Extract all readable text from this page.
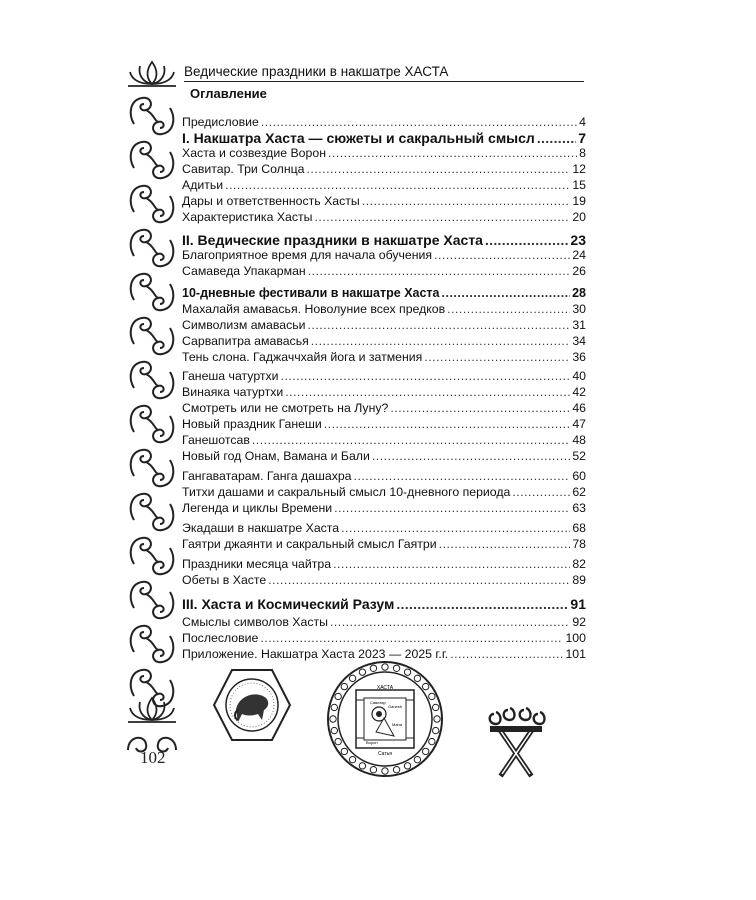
102
Ведические праздники в накшатре ХАСТА
Оглавление
Предисловие .....	4
I. Накшатра Хаста — сюжеты и сакральный смысл .....	7
Хаста и созвездие Ворон .....	8
Савитар. Три Солнца .....	12
Адитьи .....	15
Дары и ответственность Хасты .....	19
Характеристика Хасты .....	20
II. Ведические праздники в накшатре Хаста .....	23
Благоприятное время для начала обучения .....	24
Самаведа Упакарман .....	26
10-дневные фестивали в накшатре Хаста .....	28
Махалайя амавасья. Новолуние всех предков .....	30
Символизм амавасьи .....	31
Сарвапитра амавасья .....	34
Тень слона. Гаджаччхайя йога и затмения .....	36
Ганеша чатуртхи .....	40
Винаяка чатуртхи .....	42
Смотреть или не смотреть на Луну? .....	46
Новый праздник Ганеши .....	47
Ганешотсав .....	48
Новый год Онам, Вамана и Бали .....	52
Гангаватарам. Ганга дашахра .....	60
Титхи дашами и сакральный смысл 10-дневного периода .....	62
Легенда и циклы Времени .....	63
Экадаши в накшатре Хаста .....	68
Гаятри джаянти и сакральный смысл Гаятри .....	78
Праздники месяца чайтра .....	82
Обеты в Хасте .....	89
III. Хаста и Космический Разум .....	91
Смыслы символов Хасты .....	92
Послесловие .....	100
Приложение. Накшатра Хаста 2023 — 2025 г.г. .....	101
ХАСТА
Савитар
Ganesh
Мaha
Ворон
Сатья
